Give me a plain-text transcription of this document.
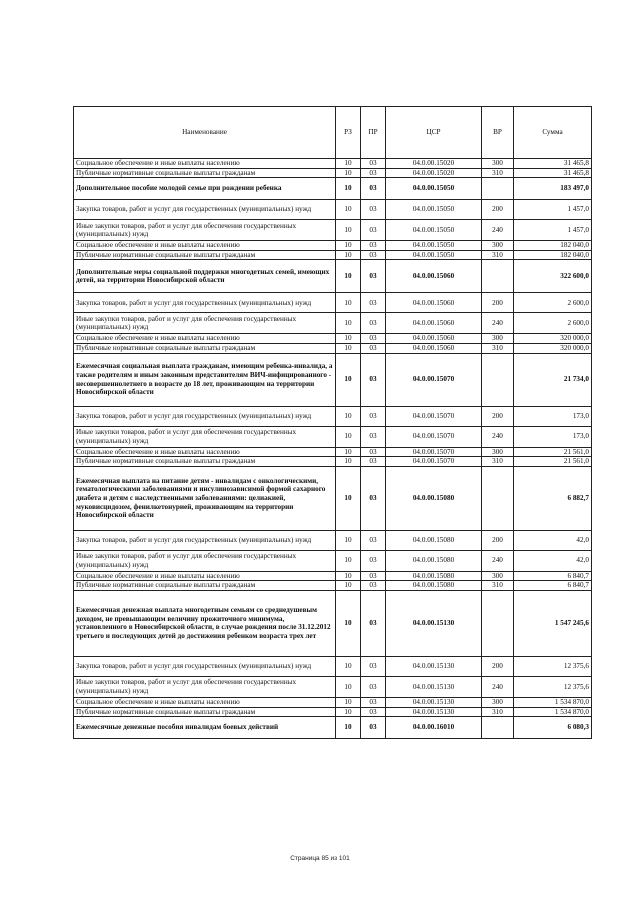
Наименование	РЗ	ПР	ЦСР	ВР	Сумма
Социальное обеспечение и иные выплаты населению	10	03	04.0.00.15020	300	31 465,8
Публичные нормативные социальные выплаты гражданам	10	03	04.0.00.15020	310	31 465,8
Дополнительное пособие молодой семье при рождении ребенка	10	03	04.0.00.15050		183 497,0
Закупка товаров, работ и услуг для государственных (муниципальных) нужд	10	03	04.0.00.15050	200	1 457,0
Иные закупки товаров, работ и услуг для обеспечения государственных (муниципальных) нужд	10	03	04.0.00.15050	240	1 457,0
Социальное обеспечение и иные выплаты населению	10	03	04.0.00.15050	300	182 040,0
Публичные нормативные социальные выплаты гражданам	10	03	04.0.00.15050	310	182 040,0
Дополнительные меры социальной поддержки многодетных семей, имеющих детей, на территории Новосибирской области	10	03	04.0.00.15060		322 600,0
Закупка товаров, работ и услуг для государственных (муниципальных) нужд	10	03	04.0.00.15060	200	2 600,0
Иные закупки товаров, работ и услуг для обеспечения государственных (муниципальных) нужд	10	03	04.0.00.15060	240	2 600,0
Социальное обеспечение и иные выплаты населению	10	03	04.0.00.15060	300	320 000,0
Публичные нормативные социальные выплаты гражданам	10	03	04.0.00.15060	310	320 000,0
Ежемесячная социальная выплата гражданам, имеющим ребенка-инвалида, а также родителям и иным законным представителям ВИЧ-инфицированного - несовершеннолетнего в возрасте до 18 лет, проживающим на территории Новосибирской области	10	03	04.0.00.15070		21 734,0
Закупка товаров, работ и услуг для государственных (муниципальных) нужд	10	03	04.0.00.15070	200	173,0
Иные закупки товаров, работ и услуг для обеспечения государственных (муниципальных) нужд	10	03	04.0.00.15070	240	173,0
Социальное обеспечение и иные выплаты населению	10	03	04.0.00.15070	300	21 561,0
Публичные нормативные социальные выплаты гражданам	10	03	04.0.00.15070	310	21 561,0
Ежемесячная выплата на питание детям - инвалидам с онкологическими, гематологическими заболеваниями и инсулинозависимой формой сахарного диабета и детям с наследственными заболеваниями: целиакией, муковисцидозом, фенилкетонурией, проживающим на территории Новосибирской области	10	03	04.0.00.15080		6 882,7
Закупка товаров, работ и услуг для государственных (муниципальных) нужд	10	03	04.0.00.15080	200	42,0
Иные закупки товаров, работ и услуг для обеспечения государственных (муниципальных) нужд	10	03	04.0.00.15080	240	42,0
Социальное обеспечение и иные выплаты населению	10	03	04.0.00.15080	300	6 840,7
Публичные нормативные социальные выплаты гражданам	10	03	04.0.00.15080	310	6 840,7
Ежемесячная денежная выплата многодетным семьям со среднедушевым доходом, не превышающим величину прожиточного минимума, установленного в Новосибирской области, в случае рождения после 31.12.2012 третьего и последующих детей до достижения ребенком возраста трех лет	10	03	04.0.00.15130		1 547 245,6
Закупка товаров, работ и услуг для государственных (муниципальных) нужд	10	03	04.0.00.15130	200	12 375,6
Иные закупки товаров, работ и услуг для обеспечения государственных (муниципальных) нужд	10	03	04.0.00.15130	240	12 375,6
Социальное обеспечение и иные выплаты населению	10	03	04.0.00.15130	300	1 534 870,0
Публичные нормативные социальные выплаты гражданам	10	03	04.0.00.15130	310	1 534 870,0
Ежемесячные денежные пособия инвалидам боевых действий	10	03	04.0.00.16010		6 080,3
Страница 85 из 101
